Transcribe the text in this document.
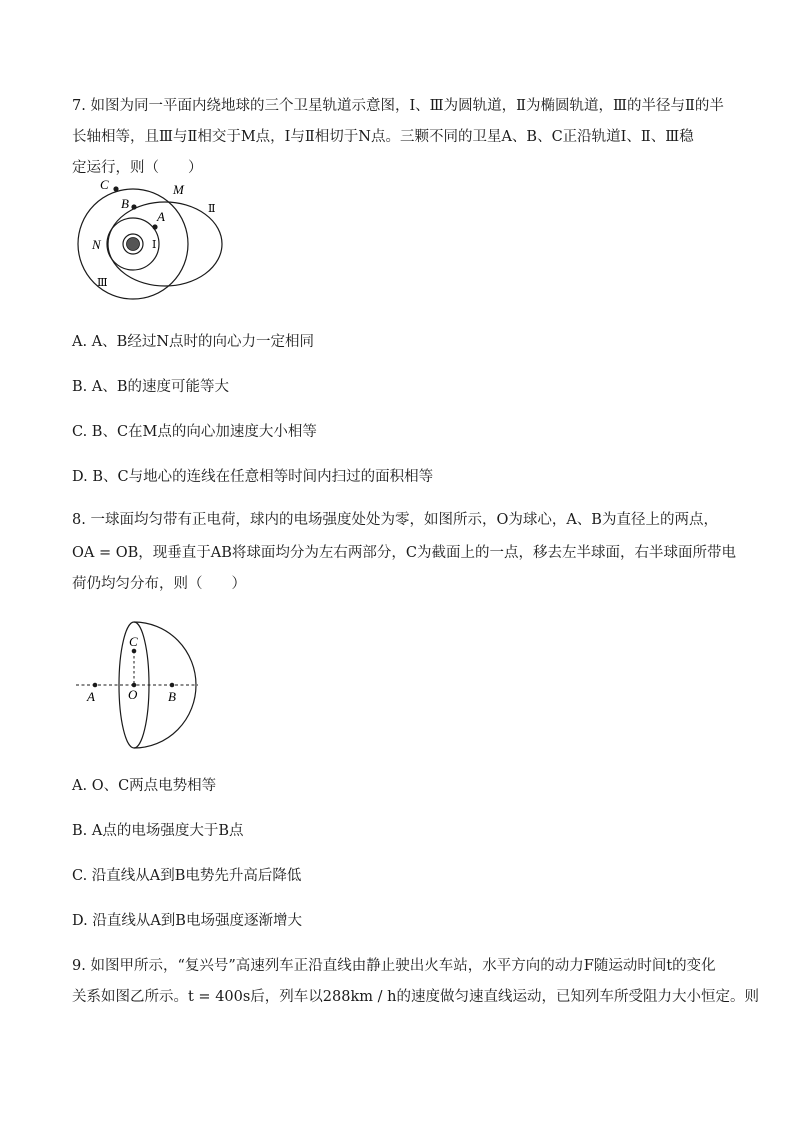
7. 如图为同一平面内绕地球的三个卫星轨道示意图，Ⅰ、Ⅲ为圆轨道，Ⅱ为椭圆轨道，Ⅲ的半径与Ⅱ的半
长轴相等，且Ⅲ与Ⅱ相交于M点，Ⅰ与Ⅱ相切于N点。三颗不同的卫星A、B、C正沿轨道Ⅰ、Ⅱ、Ⅲ稳
定运行，则（　　）
C	M
B
A
N	Ⅰ
Ⅱ
Ⅲ
A. A、B经过N点时的向心力一定相同
B. A、B的速度可能等大
C. B、C在M点的向心加速度大小相等
D. B、C与地心的连线在任意相等时间内扫过的面积相等
8. 一球面均匀带有正电荷，球内的电场强度处处为零，如图所示，O为球心，A、B为直径上的两点，
OA = OB，现垂直于AB将球面均分为左右两部分，C为截面上的一点，移去左半球面，右半球面所带电
荷仍均匀分布，则（　　）
C
A	O B
A. O、C两点电势相等
B. A点的电场强度大于B点
C. 沿直线从A到B电势先升高后降低
D. 沿直线从A到B电场强度逐渐增大
9. 如图甲所示，“复兴号”高速列车正沿直线由静止驶出火车站，水平方向的动力F随运动时间t的变化
关系如图乙所示。t = 400s后，列车以288km / h的速度做匀速直线运动，已知列车所受阻力大小恒定。则
